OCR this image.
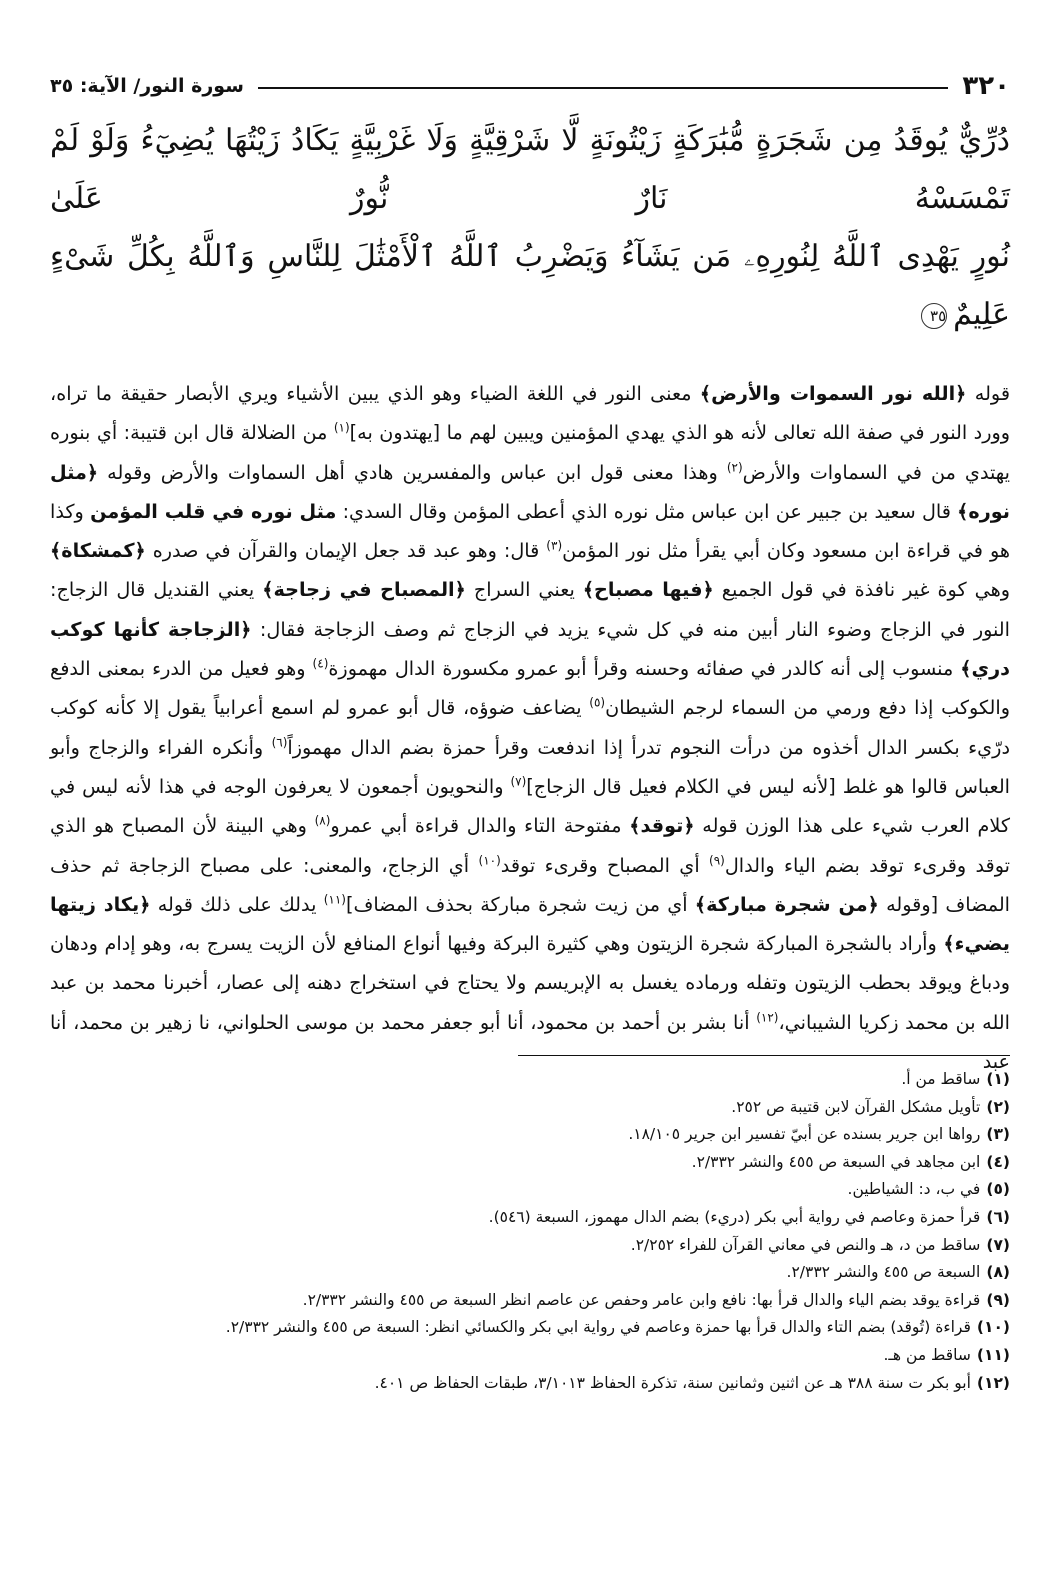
٣٢٠
سورة النور/ الآية: ٣٥
دُرِّيٌّ يُوقَدُ مِن شَجَرَةٍ مُّبَٰرَكَةٍ زَيْتُونَةٍ لَّا شَرْقِيَّةٍ وَلَا غَرْبِيَّةٍ يَكَادُ زَيْتُهَا يُضِيٓءُ وَلَوْ لَمْ تَمْسَسْهُ نَارٌ نُّورٌ عَلَىٰ
نُورٍ يَهْدِى ٱللَّهُ لِنُورِهِۦ مَن يَشَآءُ وَيَضْرِبُ ٱللَّهُ ٱلْأَمْثَٰلَ لِلنَّاسِ وَٱللَّهُ بِكُلِّ شَىْءٍ عَلِيمٌ٣٥

قوله ﴿الله نور السموات والأرض﴾ معنى النور في اللغة الضياء وهو الذي يبين الأشياء ويري الأبصار حقيقة ما تراه، وورد النور في صفة الله تعالى لأنه هو الذي يهدي المؤمنين ويبين لهم ما [يهتدون به]$^{(١)}$ من الضلالة قال ابن قتيبة: أي بنوره يهتدي من في السماوات والأرض$^{(٢)}$ وهذا معنى قول ابن عباس والمفسرين هادي أهل السماوات والأرض وقوله ﴿مثل نوره﴾ قال سعيد بن جبير عن ابن عباس مثل نوره الذي أعطى المؤمن وقال السدي: مثل نوره في قلب المؤمن وكذا هو في قراءة ابن مسعود وكان أبي يقرأ مثل نور المؤمن$^{(٣)}$ قال: وهو عبد قد جعل الإيمان والقرآن في صدره ﴿كمشكاة﴾ وهي كوة غير نافذة في قول الجميع ﴿فيها مصباح﴾ يعني السراج ﴿المصباح في زجاجة﴾ يعني القنديل قال الزجاج: النور في الزجاج وضوء النار أبين منه في كل شيء يزيد في الزجاج ثم وصف الزجاجة فقال: ﴿الزجاجة كأنها كوكب دري﴾ منسوب إلى أنه كالدر في صفائه وحسنه وقرأ أبو عمرو مكسورة الدال مهموزة$^{(٤)}$ وهو فعيل من الدرء بمعنى الدفع والكوكب إذا دفع ورمي من السماء لرجم الشيطان$^{(٥)}$ يضاعف ضوؤه، قال أبو عمرو لم اسمع أعرابياً يقول إلا كأنه كوكب درّيء بكسر الدال أخذوه من درأت النجوم تدرأ إذا اندفعت وقرأ حمزة بضم الدال مهموزاً$^{(٦)}$ وأنكره الفراء والزجاج وأبو العباس قالوا هو غلط [لأنه ليس في الكلام فعيل قال الزجاج]$^{(٧)}$ والنحويون أجمعون لا يعرفون الوجه في هذا لأنه ليس في كلام العرب شيء على هذا الوزن قوله ﴿توقد﴾ مفتوحة التاء والدال قراءة أبي عمرو$^{(٨)}$ وهي البينة لأن المصباح هو الذي توقد وقرىء توقد بضم الياء والدال$^{(٩)}$ أي المصباح وقرىء توقد$^{(١٠)}$ أي الزجاج، والمعنى: على مصباح الزجاجة ثم حذف المضاف [وقوله ﴿من شجرة مباركة﴾ أي من زيت شجرة مباركة بحذف المضاف]$^{(١١)}$ يدلك على ذلك قوله ﴿يكاد زيتها يضيء﴾ وأراد بالشجرة المباركة شجرة الزيتون وهي كثيرة البركة وفيها أنواع المنافع لأن الزيت يسرج به، وهو إدام ودهان ودباغ ويوقد بحطب الزيتون وتفله ورماده يغسل به الإبريسم ولا يحتاج في استخراج دهنه إلى عصار، أخبرنا محمد بن عبد الله بن محمد زكريا الشيباني،$^{(١٢)}$ أنا بشر بن أحمد بن محمود، أنا أبو جعفر محمد بن موسى الحلواني، نا زهير بن محمد، أنا عبد

(١)
ساقط من أ.
(٢)
تأويل مشكل القرآن لابن قتيبة ص ٢٥٢.
(٣)
رواها ابن جرير بسنده عن أبيّ تفسير ابن جرير ١٨/١٠٥.
(٤)
ابن مجاهد في السبعة ص ٤٥٥ والنشر ٢/٣٣٢.
(٥)
في ب، د: الشياطين.
(٦)
قرأ حمزة وعاصم في رواية أبي بكر (دريء) بضم الدال مهموز، السبعة (٥٤٦).
(٧)
ساقط من د، هـ والنص في معاني القرآن للفراء ٢/٢٥٢.
(٨)
السبعة ص ٤٥٥ والنشر ٢/٣٣٢.
(٩)
قراءة يوقد بضم الياء والدال قرأ بها: نافع وابن عامر وحفص عن عاصم انظر السبعة ص ٤٥٥ والنشر ٢/٣٣٢.
(١٠)
قراءة (تُوقد) بضم التاء والدال قرأ بها حمزة وعاصم في رواية ابي بكر والكسائي انظر: السبعة ص ٤٥٥ والنشر ٢/٣٣٢.
(١١)
ساقط من هـ.
(١٢)
أبو بكر ت سنة ٣٨٨ هـ عن اثنين وثمانين سنة، تذكرة الحفاظ ٣/١٠١٣، طبقات الحفاظ ص ٤٠١.
